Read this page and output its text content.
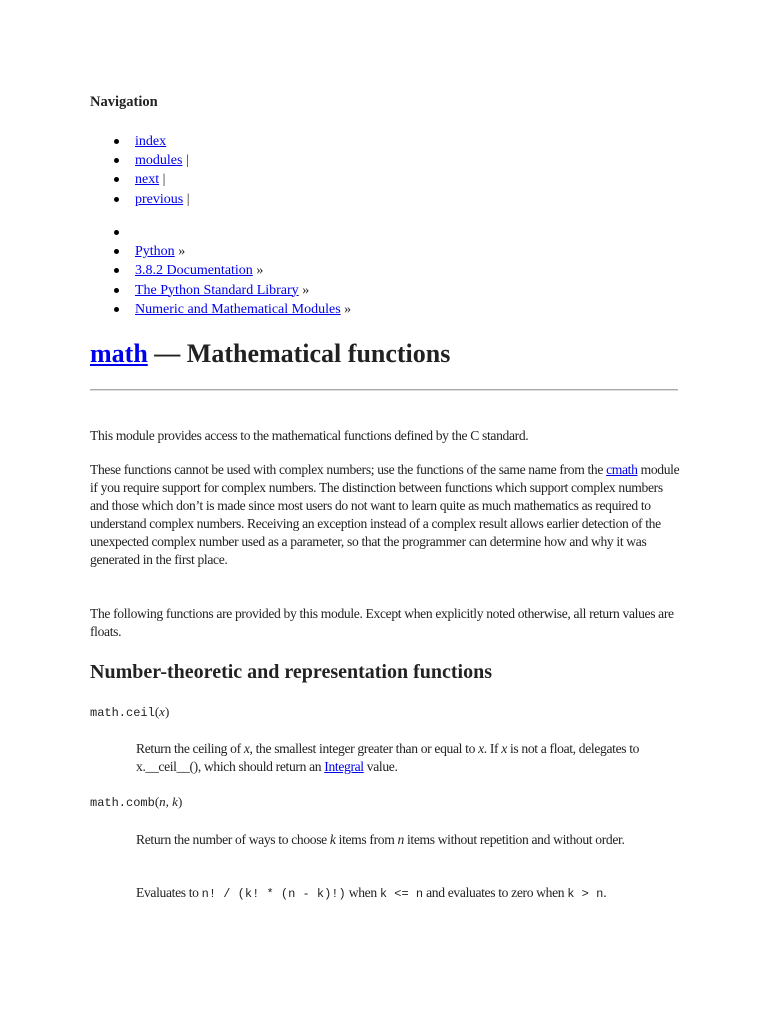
Navigation
index
modules |
next |
previous |
Python »
3.8.2 Documentation »
The Python Standard Library »
Numeric and Mathematical Modules »
math — Mathematical functions

This module provides access to the mathematical functions defined by the C standard.

These functions cannot be used with complex numbers; use the functions of the same name from the cmath module if you require support for complex numbers. The distinction between functions which support complex numbers and those which don’t is made since most users do not want to learn quite as much mathematics as required to understand complex numbers. Receiving an exception instead of a complex result allows earlier detection of the unexpected complex number used as a parameter, so that the programmer can determine how and why it was generated in the first place.

The following functions are provided by this module. Except when explicitly noted otherwise, all return values are floats.

Number-theoretic and representation functions
math.ceil(x)

Return the ceiling of x, the smallest integer greater than or equal to x. If x is not a float, delegates to x.__ceil__(), which should return an Integral value.

math.comb(n, k)

Return the number of ways to choose k items from n items without repetition and without order.

Evaluates to n! / (k! * (n - k)!) when k <= n and evaluates to zero when k > n.
